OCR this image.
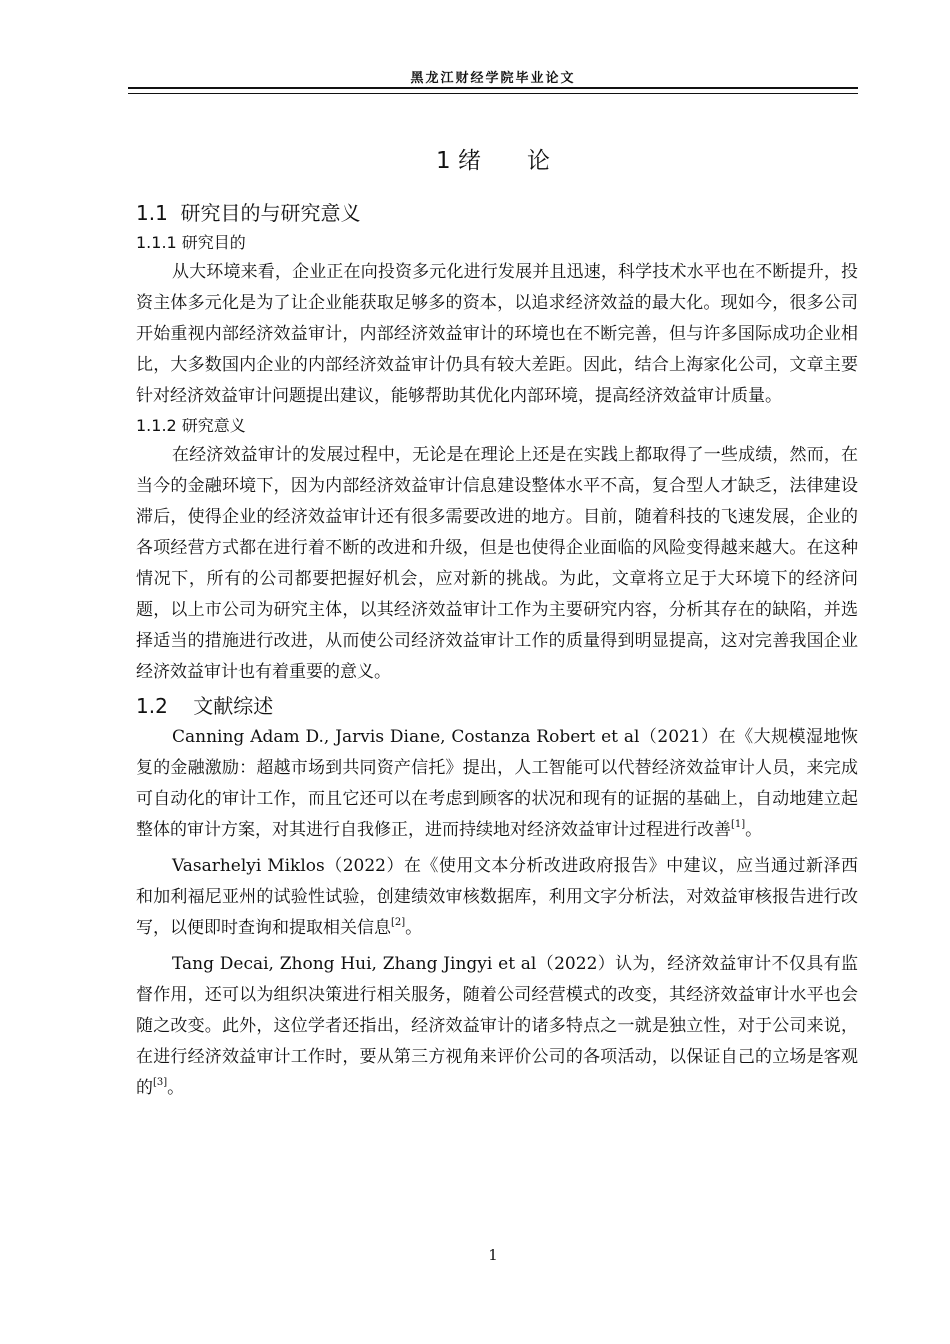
黑龙江财经学院毕业论文
1 绪　　论
1.1  研究目的与研究意义
1.1.1 研究目的

从大环境来看，企业正在向投资多元化进行发展并且迅速，科学技术水平也在不断提升，投资主体多元化是为了让企业能获取足够多的资本，以追求经济效益的最大化。现如今，很多公司开始重视内部经济效益审计，内部经济效益审计的环境也在不断完善，但与许多国际成功企业相比，大多数国内企业的内部经济效益审计仍具有较大差距。因此，结合上海家化公司，文章主要针对经济效益审计问题提出建议，能够帮助其优化内部环境，提高经济效益审计质量。

1.1.2 研究意义

在经济效益审计的发展过程中，无论是在理论上还是在实践上都取得了一些成绩，然而，在当今的金融环境下，因为内部经济效益审计信息建设整体水平不高，复合型人才缺乏，法律建设滞后，使得企业的经济效益审计还有很多需要改进的地方。目前，随着科技的飞速发展，企业的各项经营方式都在进行着不断的改进和升级，但是也使得企业面临的风险变得越来越大。在这种情况下，所有的公司都要把握好机会，应对新的挑战。为此，文章将立足于大环境下的经济问题，以上市公司为研究主体，以其经济效益审计工作为主要研究内容，分析其存在的缺陷，并选择适当的措施进行改进，从而使公司经济效益审计工作的质量得到明显提高，这对完善我国企业经济效益审计也有着重要的意义。

1.2    文献综述

Canning Adam D., Jarvis Diane, Costanza Robert et al（2021）在《大规模湿地恢复的金融激励：超越市场到共同资产信托》提出，人工智能可以代替经济效益审计人员，来完成可自动化的审计工作，而且它还可以在考虑到顾客的状况和现有的证据的基础上，自动地建立起整体的审计方案，对其进行自我修正，进而持续地对经济效益审计过程进行改善[1]。

Vasarhelyi Miklos（2022）在《使用文本分析改进政府报告》中建议，应当通过新泽西和加利福尼亚州的试验性试验，创建绩效审核数据库，利用文字分析法，对效益审核报告进行改写，以便即时查询和提取相关信息[2]。

Tang Decai, Zhong Hui, Zhang Jingyi et al（2022）认为，经济效益审计不仅具有监督作用，还可以为组织决策进行相关服务，随着公司经营模式的改变，其经济效益审计水平也会随之改变。此外，这位学者还指出，经济效益审计的诸多特点之一就是独立性，对于公司来说，在进行经济效益审计工作时，要从第三方视角来评价公司的各项活动，以保证自己的立场是客观的[3]。

1
